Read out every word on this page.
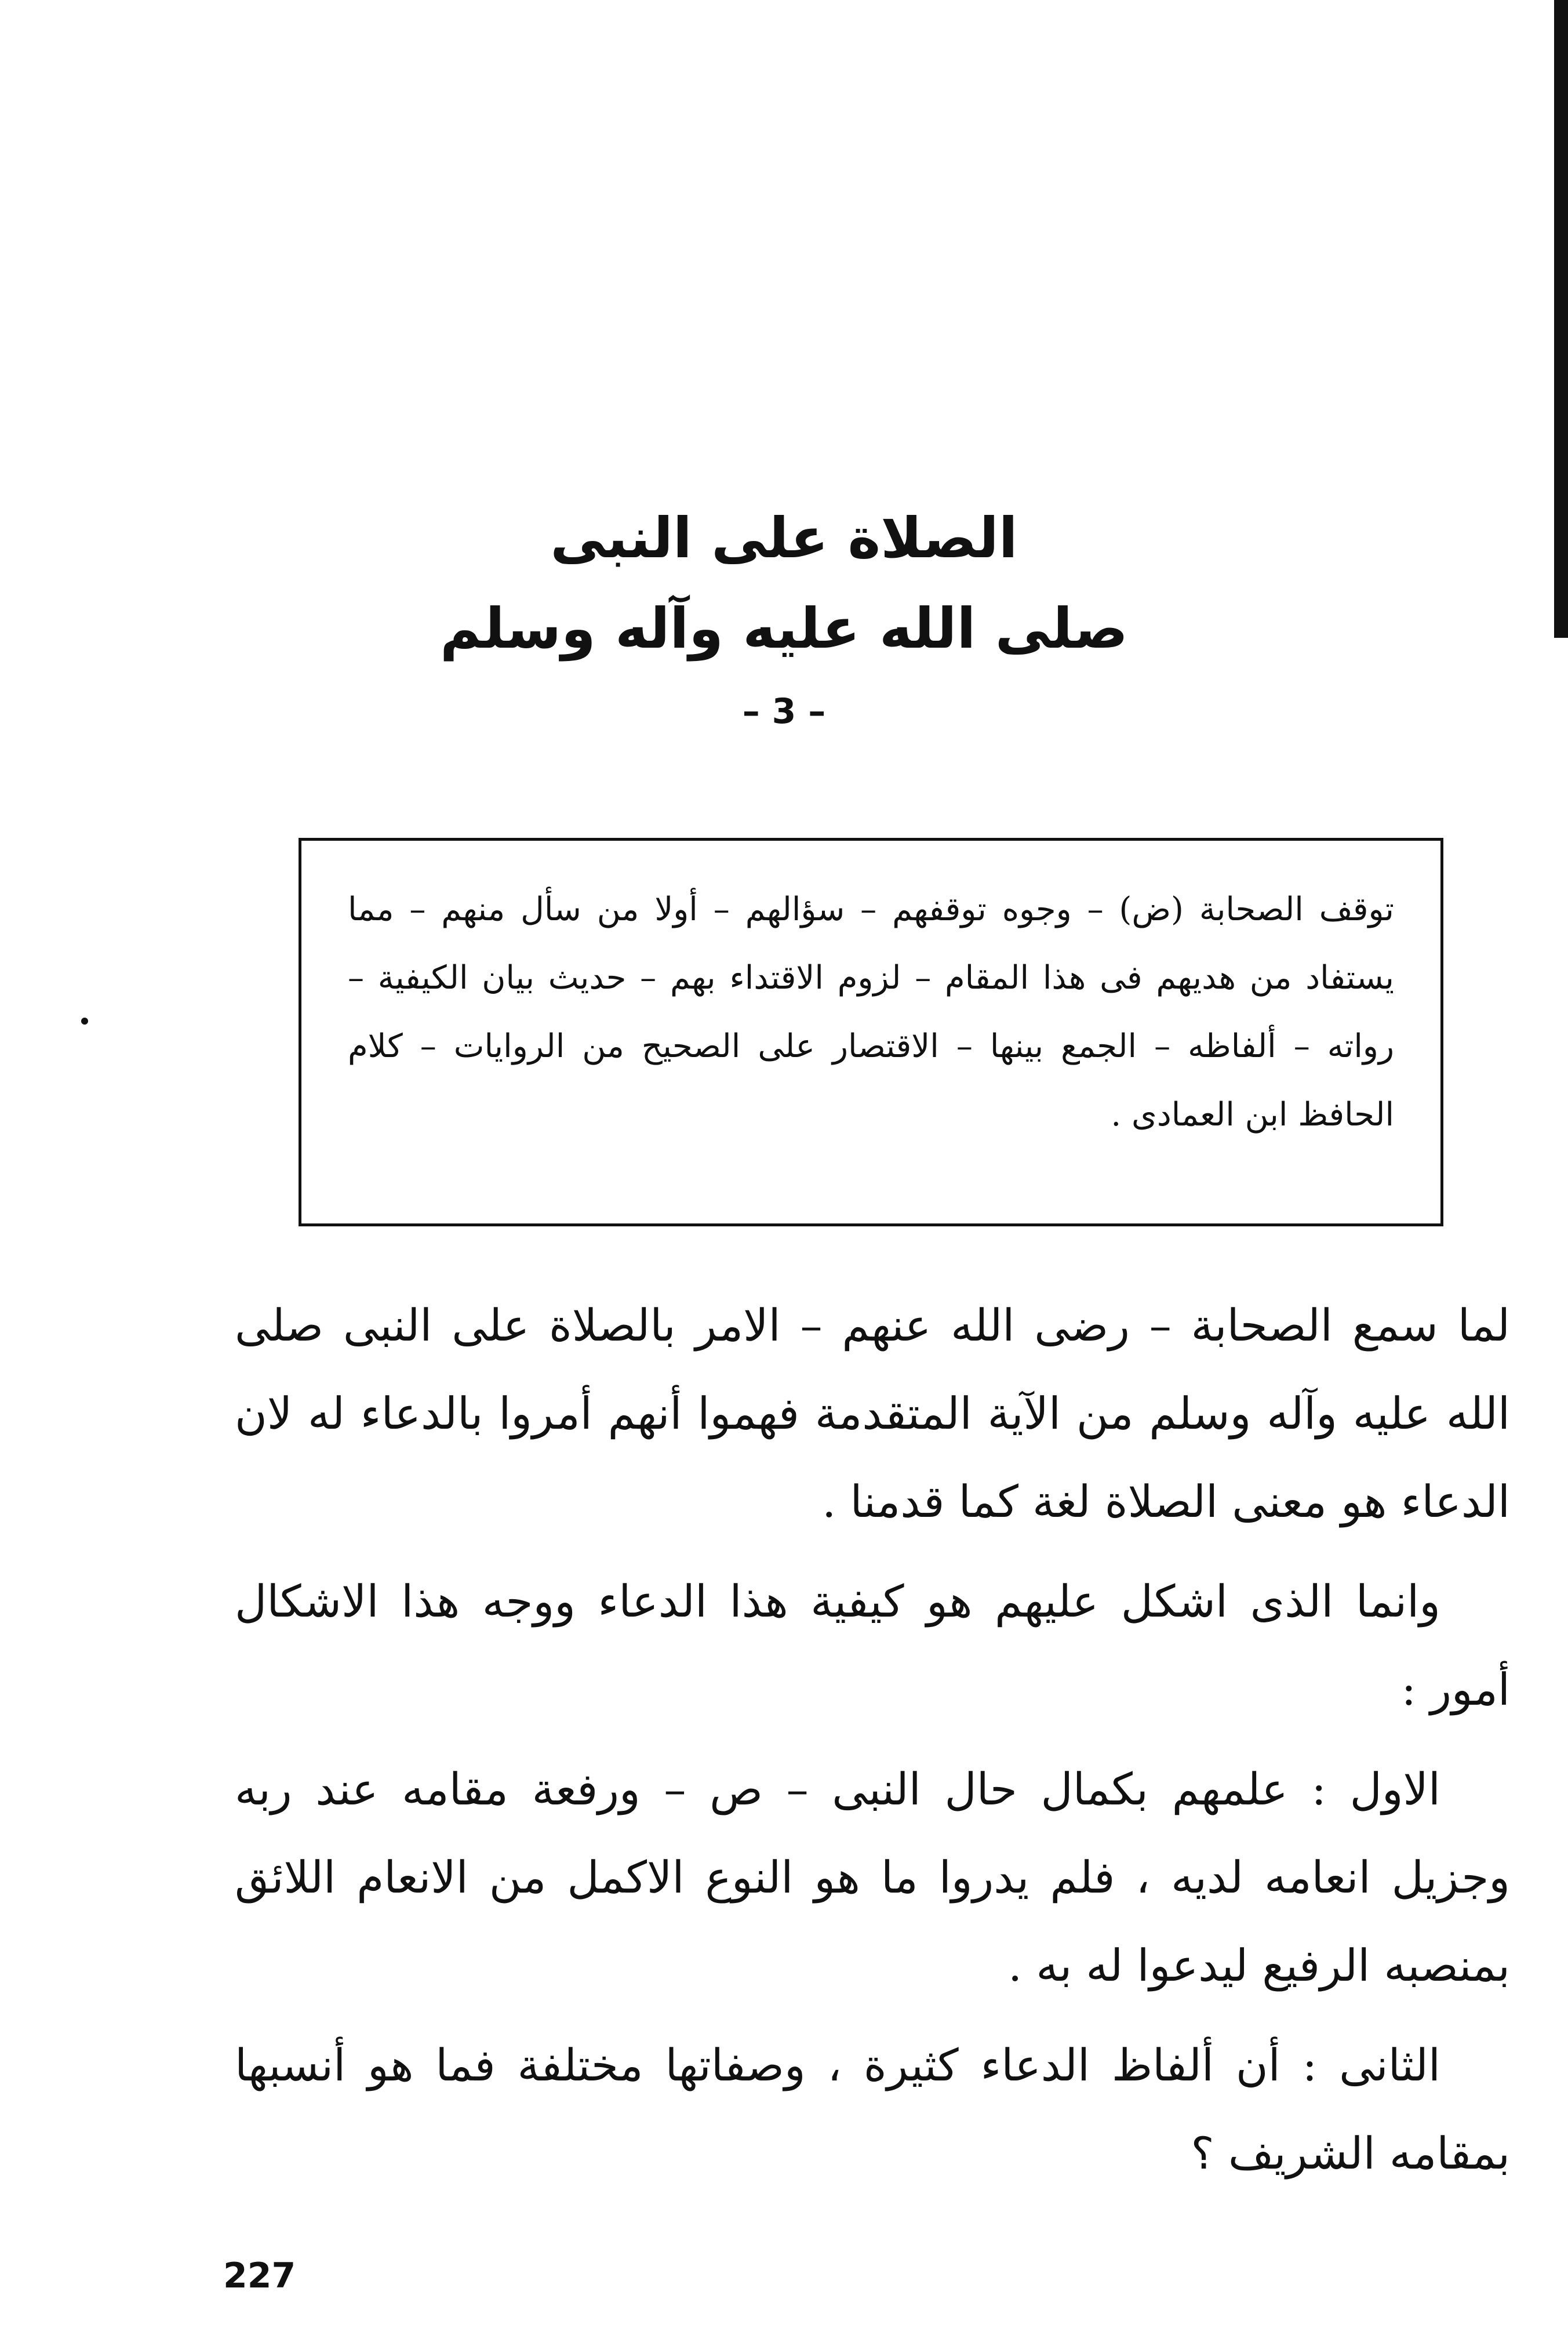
الصلاة على النبى

صلى الله عليه وآله وسلم

– 3 –
توقف الصحابة (ض) – وجوه توقفهم – سؤالهم – أولا من سأل منهم – مما يستفاد من هديهم فى هذا المقام – لزوم الاقتداء بهم – حديث بيان الكيفية – رواته – ألفاظه – الجمع بينها – الاقتصار على الصحيح من الروايات – كلام الحافظ ابن العمادى .

لما سمع الصحابة – رضى الله عنهم – الامر بالصلاة على النبى صلى الله عليه وآله وسلم من الآية المتقدمة فهموا أنهم أمروا بالدعاء له لان الدعاء هو معنى الصلاة لغة كما قدمنا .

وانما الذى اشكل عليهم هو كيفية هذا الدعاء ووجه هذا الاشكال أمور :

الاول : علمهم بكمال حال النبى – ص – ورفعة مقامه عند ربه وجزيل انعامه لديه ، فلم يدروا ما هو النوع الاكمل من الانعام اللائق بمنصبه الرفيع ليدعوا له به .

الثانى : أن ألفاظ الدعاء كثيرة ، وصفاتها مختلفة فما هو أنسبها بمقامه الشريف ؟

227
